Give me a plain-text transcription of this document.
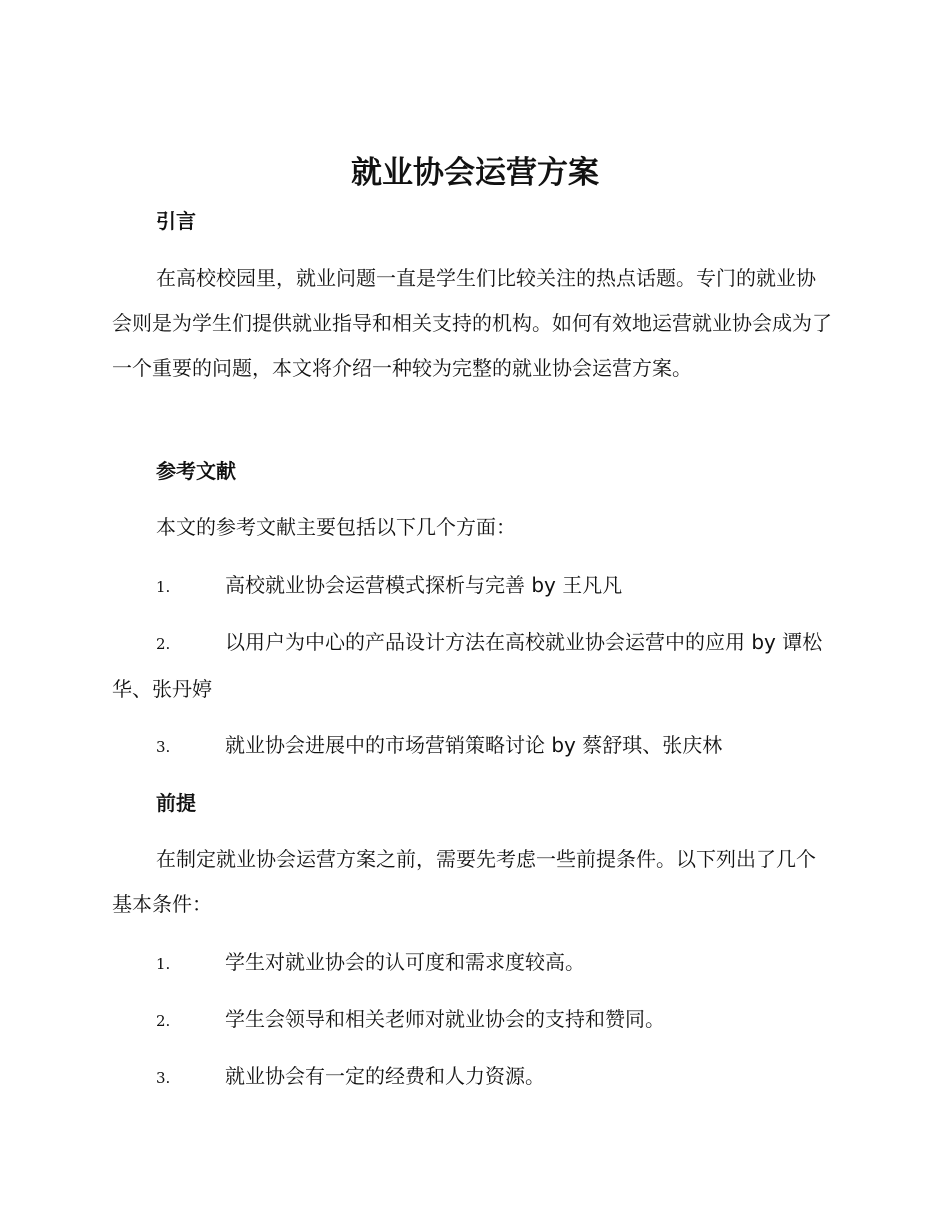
就业协会运营方案
引言
在高校校园里，就业问题一直是学生们比较关注的热点话题。专门的就业协会则是为学生们提供就业指导和相关支持的机构。如何有效地运营就业协会成为了一个重要的问题，本文将介绍一种较为完整的就业协会运营方案。
参考文献
本文的参考文献主要包括以下几个方面：
1.	高校就业协会运营模式探析与完善 by 王凡凡
2.	以用户为中心的产品设计方法在高校就业协会运营中的应用 by 谭松华、张丹婷
3.	就业协会进展中的市场营销策略讨论 by 蔡舒琪、张庆林
前提
在制定就业协会运营方案之前，需要先考虑一些前提条件。以下列出了几个基本条件：
1.	学生对就业协会的认可度和需求度较高。
2.	学生会领导和相关老师对就业协会的支持和赞同。
3.	就业协会有一定的经费和人力资源。
